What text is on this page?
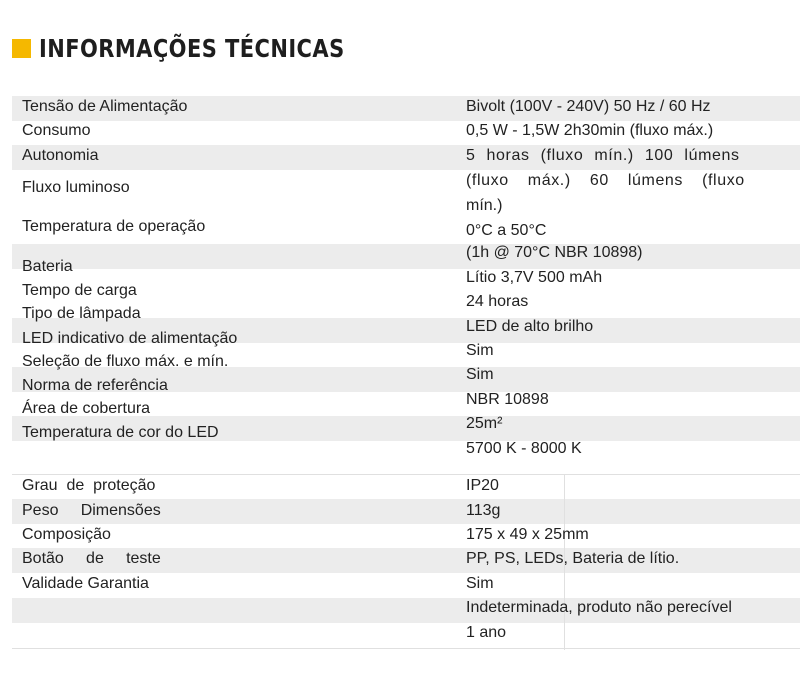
INFORMAÇÕES TÉCNICAS
Tensão de Alimentação
Consumo
Autonomia
Fluxo luminoso
Temperatura de operação
Bateria
Tempo de carga
Tipo de lâmpada
LED indicativo de alimentação
Seleção de fluxo máx. e mín.
Norma de referência
Área de cobertura
Temperatura de cor do LED
Grau  de  proteção
Peso     Dimensões
Composição
Botão     de     teste
Validade Garantia
Bivolt (100V - 240V) 50 Hz / 60 Hz
0,5 W - 1,5W 2h30min (fluxo máx.)
5 horas (fluxo mín.) 100 lúmens
(fluxo máx.) 60 lúmens (fluxo
mín.)
0°C a 50°C
(1h @ 70°C NBR 10898)
Lítio 3,7V 500 mAh
24 horas
LED de alto brilho
Sim
Sim
NBR 10898
25m²
5700 K - 8000 K
IP20
113g
175 x 49 x 25mm
PP, PS, LEDs, Bateria de lítio.
Sim
Indeterminada, produto não perecível
1 ano
